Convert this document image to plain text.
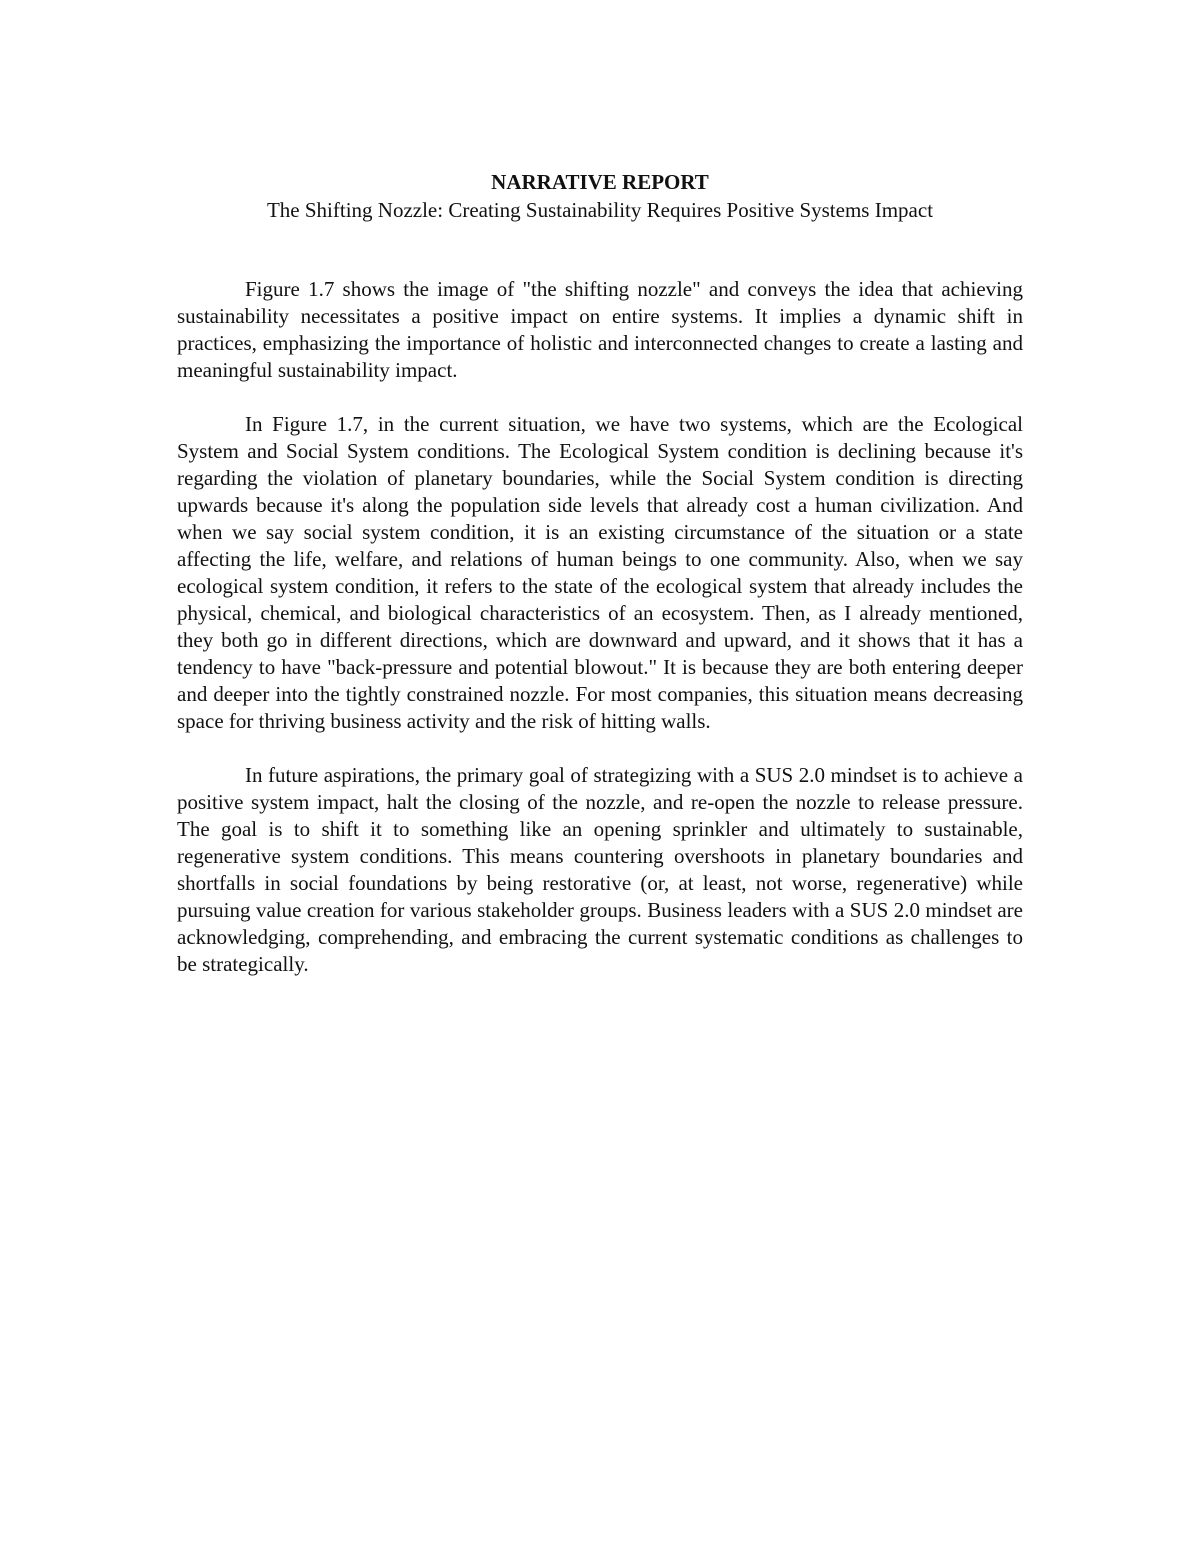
NARRATIVE REPORT
The Shifting Nozzle: Creating Sustainability Requires Positive Systems Impact

Figure 1.7 shows the image of "the shifting nozzle" and conveys the idea that achieving sustainability necessitates a positive impact on entire systems. It implies a dynamic shift in practices, emphasizing the importance of holistic and interconnected changes to create a lasting and meaningful sustainability impact.

In Figure 1.7, in the current situation, we have two systems, which are the Ecological System and Social System conditions. The Ecological System condition is declining because it's regarding the violation of planetary boundaries, while the Social System condition is directing upwards because it's along the population side levels that already cost a human civilization. And when we say social system condition, it is an existing circumstance of the situation or a state affecting the life, welfare, and relations of human beings to one community. Also, when we say ecological system condition, it refers to the state of the ecological system that already includes the physical, chemical, and biological characteristics of an ecosystem. Then, as I already mentioned, they both go in different directions, which are downward and upward, and it shows that it has a tendency to have "back-pressure and potential blowout." It is because they are both entering deeper and deeper into the tightly constrained nozzle. For most companies, this situation means decreasing space for thriving business activity and the risk of hitting walls.

In future aspirations, the primary goal of strategizing with a SUS 2.0 mindset is to achieve a positive system impact, halt the closing of the nozzle, and re-open the nozzle to release pressure. The goal is to shift it to something like an opening sprinkler and ultimately to sustainable, regenerative system conditions. This means countering overshoots in planetary boundaries and shortfalls in social foundations by being restorative (or, at least, not worse, regenerative) while pursuing value creation for various stakeholder groups. Business leaders with a SUS 2.0 mindset are acknowledging, comprehending, and embracing the current systematic conditions as challenges to be strategically.
